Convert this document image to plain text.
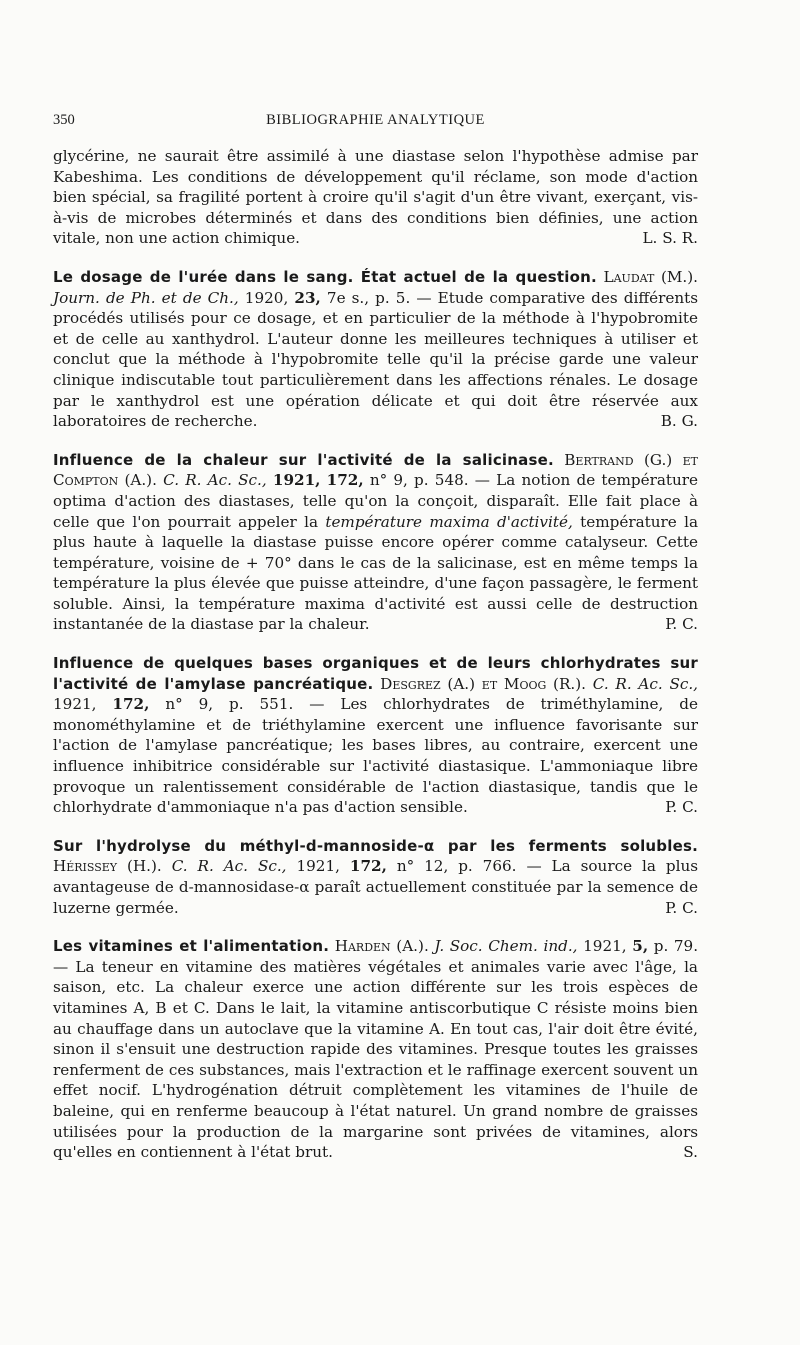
350	BIBLIOGRAPHIE ANALYTIQUE

glycérine, ne saurait être assimilé à une diastase selon l'hypothèse admise par Kabeshima. Les conditions de développement qu'il réclame, son mode d'action bien spécial, sa fragilité portent à croire qu'il s'agit d'un être vivant, exerçant, vis-à-vis de microbes déterminés et dans des conditions bien définies, une action vitale, non une action chimique.	L. S. R.

Le dosage de l'urée dans le sang. État actuel de la question. Laudat (M.). Journ. de Ph. et de Ch., 1920, 23, 7e s., p. 5. — Etude comparative des différents procédés utilisés pour ce dosage, et en particulier de la méthode à l'hypobromite et de celle au xanthydrol. L'auteur donne les meilleures techniques à utiliser et conclut que la méthode à l'hypobromite telle qu'il la précise garde une valeur clinique indiscutable tout particulièrement dans les affections rénales. Le dosage par le xanthydrol est une opération délicate et qui doit être réservée aux laboratoires de recherche.	B. G.

Influence de la chaleur sur l'activité de la salicinase. Bertrand (G.) et Compton (A.). C. R. Ac. Sc., 1921, 172, n° 9, p. 548. — La notion de température optima d'action des diastases, telle qu'on la conçoit, disparaît. Elle fait place à celle que l'on pourrait appeler la température maxima d'activité, température la plus haute à laquelle la diastase puisse encore opérer comme catalyseur. Cette température, voisine de + 70° dans le cas de la salicinase, est en même temps la température la plus élevée que puisse atteindre, d'une façon passagère, le ferment soluble. Ainsi, la température maxima d'activité est aussi celle de destruction instantanée de la diastase par la chaleur.	P. C.

Influence de quelques bases organiques et de leurs chlorhydrates sur l'activité de l'amylase pancréatique. Desgrez (A.) et Moog (R.). C. R. Ac. Sc., 1921, 172, n° 9, p. 551. — Les chlorhydrates de triméthylamine, de monométhylamine et de triéthylamine exercent une influence favorisante sur l'action de l'amylase pancréatique; les bases libres, au contraire, exercent une influence inhibitrice considérable sur l'activité diastasique. L'ammoniaque libre provoque un ralentissement considérable de l'action diastasique, tandis que le chlorhydrate d'ammoniaque n'a pas d'action sensible.	P. C.

Sur l'hydrolyse du méthyl-d-mannoside-α par les ferments solubles. Hérissey (H.). C. R. Ac. Sc., 1921, 172, n° 12, p. 766. — La source la plus avantageuse de d-mannosidase-α paraît actuellement constituée par la semence de luzerne germée.	P. C.

Les vitamines et l'alimentation. Harden (A.). J. Soc. Chem. ind., 1921, 5, p. 79. — La teneur en vitamine des matières végétales et animales varie avec l'âge, la saison, etc. La chaleur exerce une action différente sur les trois espèces de vitamines A, B et C. Dans le lait, la vitamine antiscorbutique C résiste moins bien au chauffage dans un autoclave que la vitamine A. En tout cas, l'air doit être évité, sinon il s'ensuit une destruction rapide des vitamines. Presque toutes les graisses renferment de ces substances, mais l'extraction et le raffinage exercent souvent un effet nocif. L'hydrogénation détruit complètement les vitamines de l'huile de baleine, qui en renferme beaucoup à l'état naturel. Un grand nombre de graisses utilisées pour la production de la margarine sont privées de vitamines, alors qu'elles en contiennent à l'état brut.	S.
